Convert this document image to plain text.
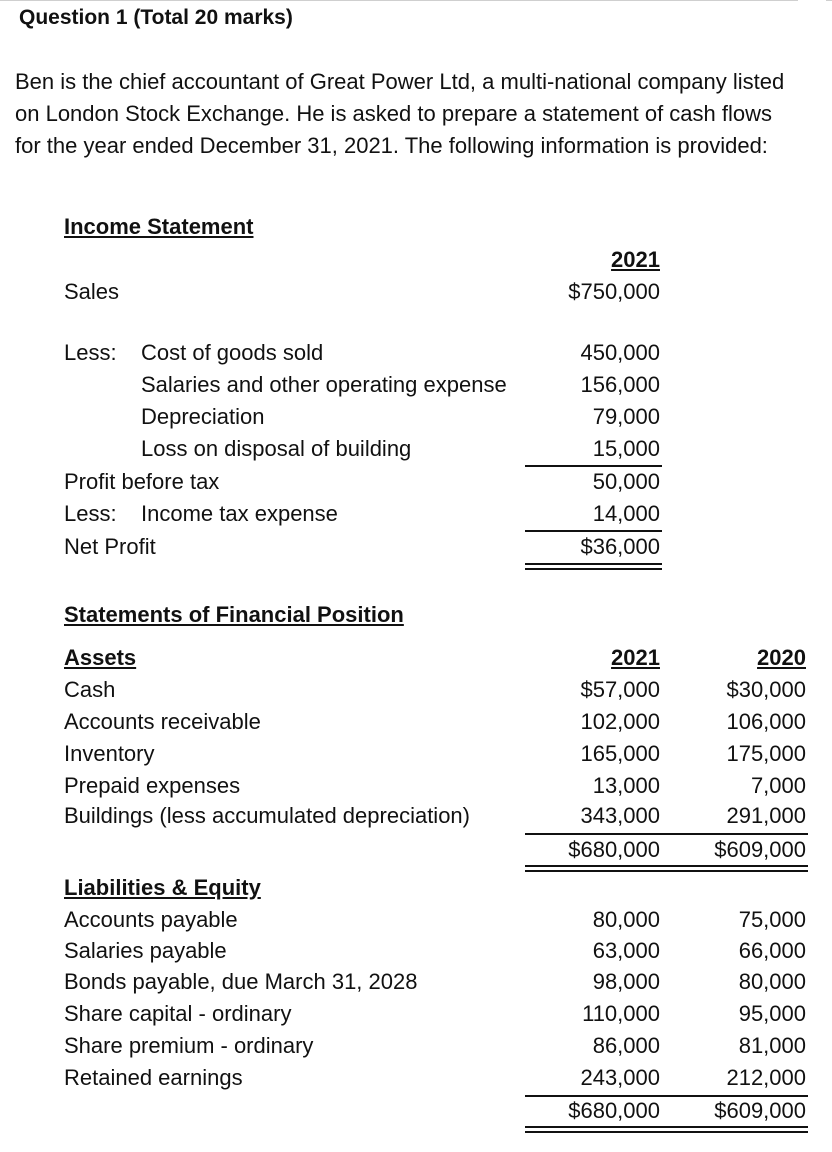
Question 1 (Total 20 marks)
Ben is the chief accountant of Great Power Ltd, a multi-national company listed
on London Stock Exchange. He is asked to prepare a statement of cash flows
for the year ended December 31, 2021. The following information is provided:
Income Statement
2021
Sales	$750,000
Less: Cost of goods sold	450,000
Salaries and other operating expense	156,000
Depreciation	79,000
Loss on disposal of building	15,000
Profit before tax	50,000
Less: Income tax expense	14,000
Net Profit	$36,000
Statements of Financial Position
Assets	2021	2020
Cash	$57,000	$30,000
Accounts receivable	102,000	106,000
Inventory	165,000	175,000
Prepaid expenses	13,000	7,000
Buildings (less accumulated depreciation)	343,000	291,000
$680,000	$609,000
Liabilities & Equity
Accounts payable	80,000	75,000
Salaries payable	63,000	66,000
Bonds payable, due March 31, 2028	98,000	80,000
Share capital - ordinary	110,000	95,000
Share premium - ordinary	86,000	81,000
Retained earnings	243,000	212,000
$680,000	$609,000
